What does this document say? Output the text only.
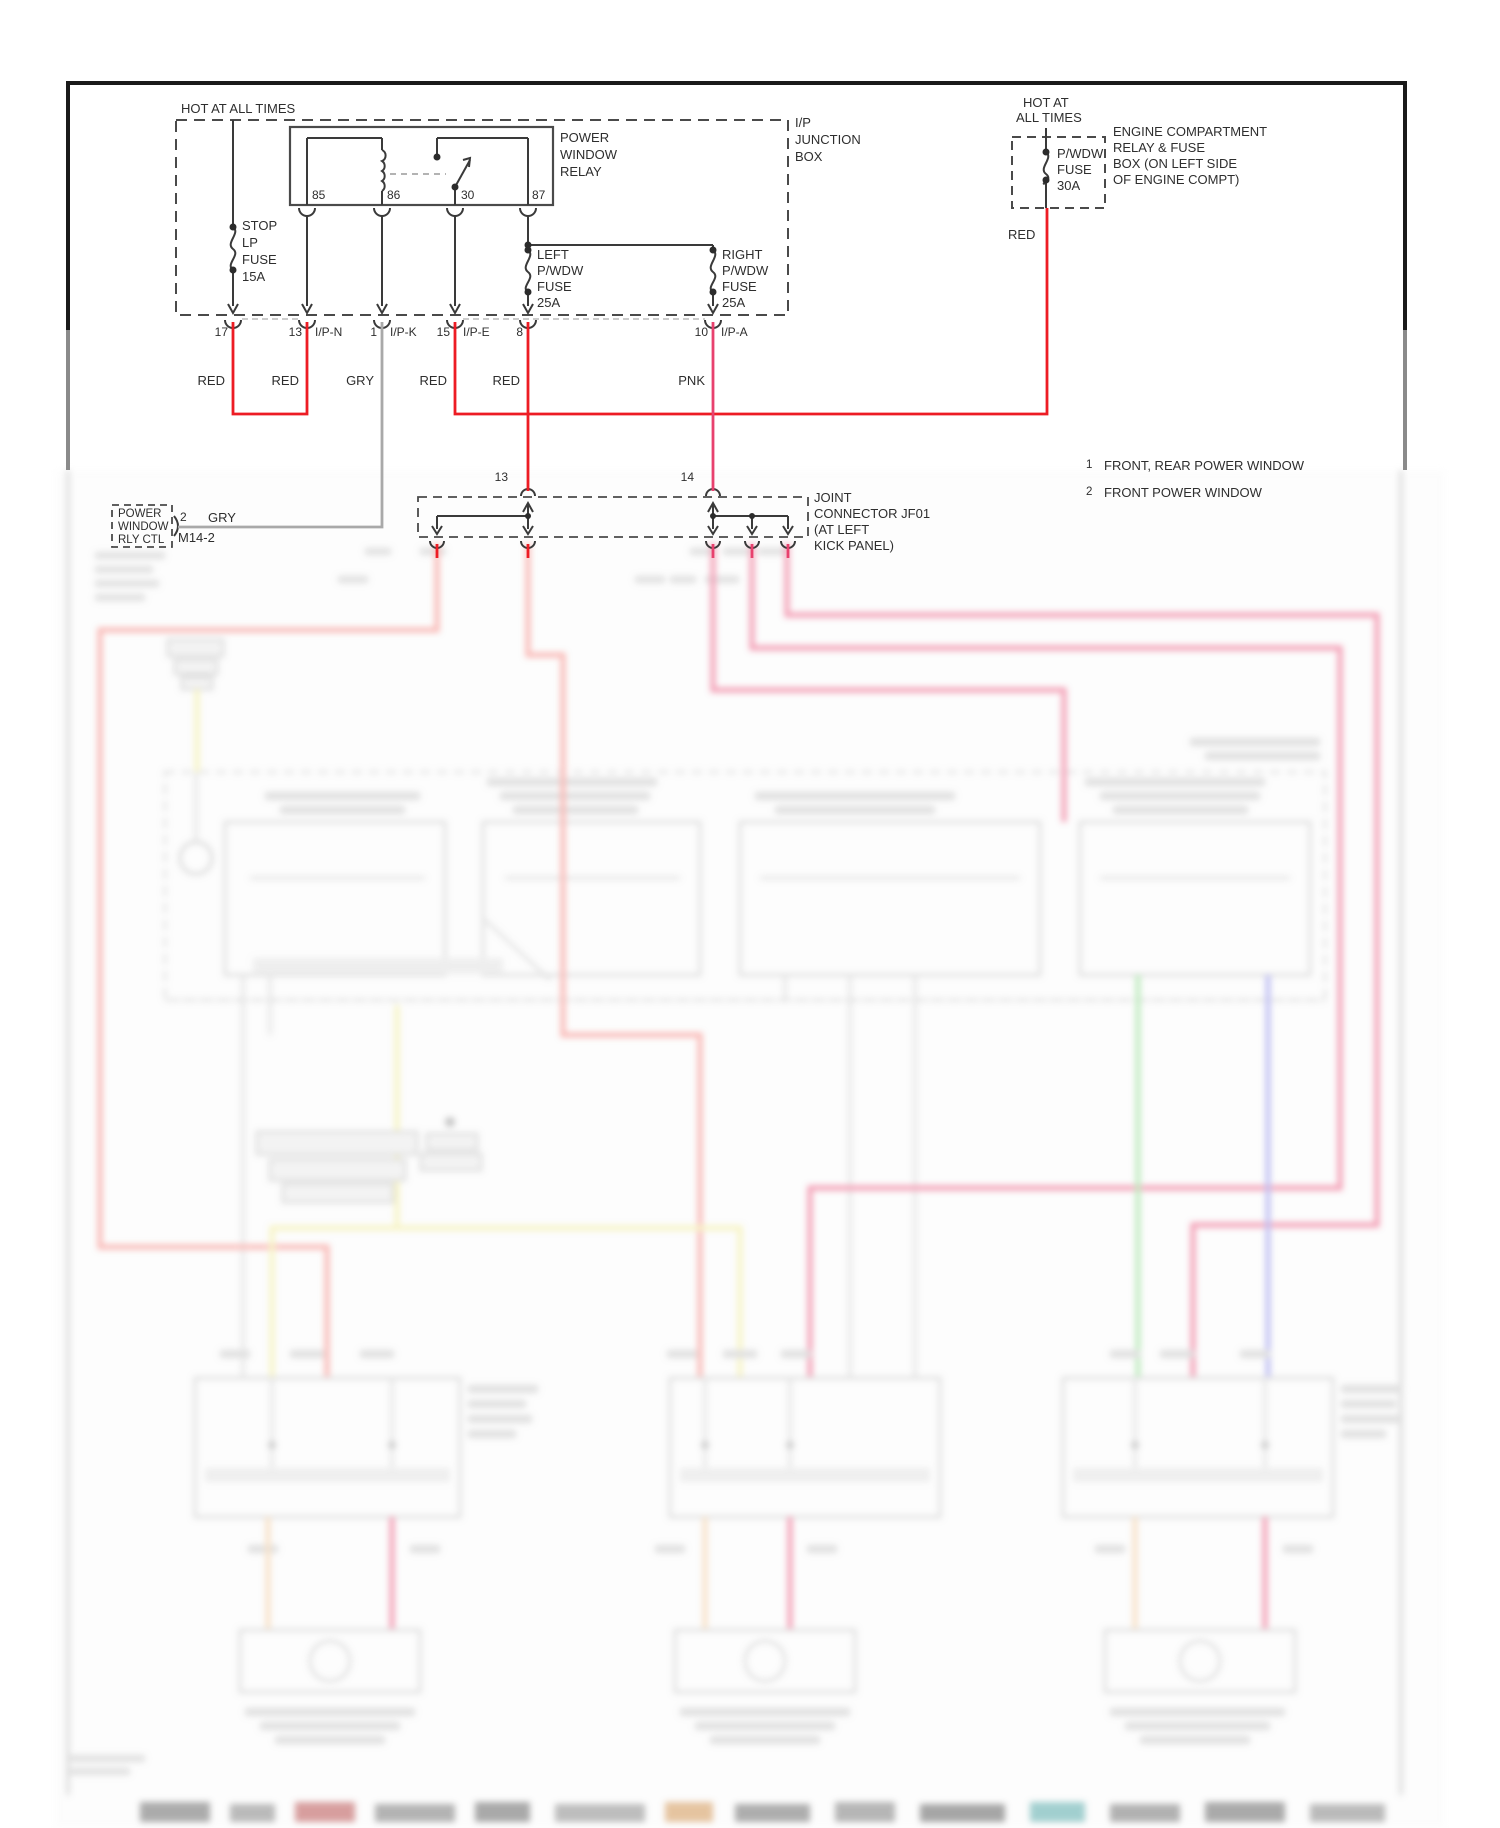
HOT AT ALL TIMES
STOP
LP
FUSE
15A
POWER
WINDOW
RELAY
85	86	30	87
I/P
JUNCTION
BOX
LEFT
P/WDW
FUSE
25A
RIGHT
P/WDW
FUSE
25A
HOT AT
ALL TIMES
P/WDW
FUSE
30A
ENGINE COMPARTMENT
RELAY & FUSE
BOX (ON LEFT SIDE
OF ENGINE COMPT)
RED
17	13 I/P-N	1 I/P-K	15 I/P-E	8	10 I/P-A
RED	RED	GRY	RED	RED	PNK
POWER
WINDOW
RLY CTL
2 GRY
M14-2
13	14
JOINT
CONNECTOR JF01
(AT LEFT
KICK PANEL)
1 FRONT, REAR POWER WINDOW
2 FRONT POWER WINDOW
